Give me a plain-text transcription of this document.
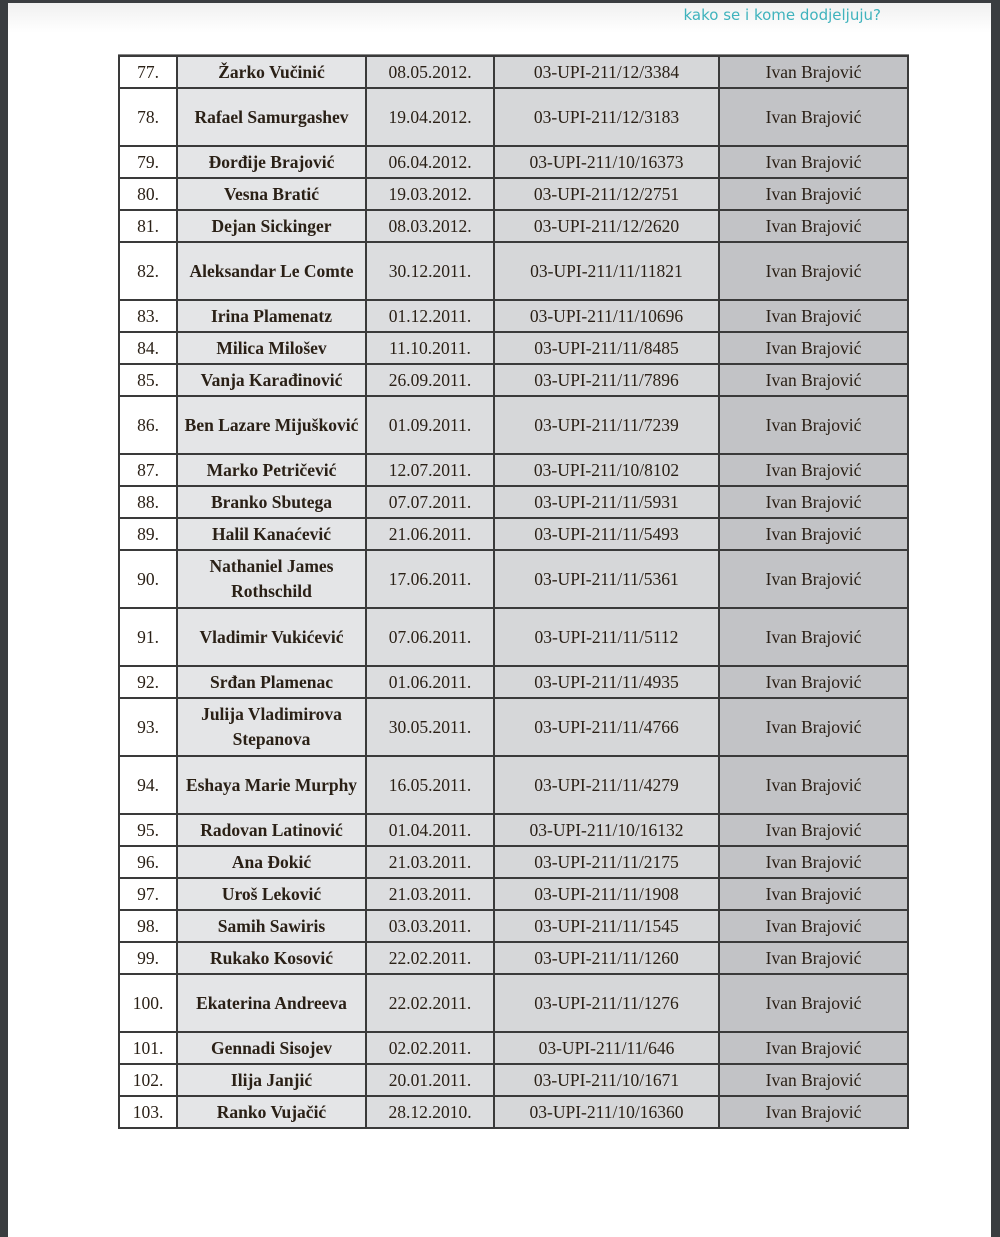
kako se i kome dodjeljuju?
77.	Žarko Vučinić	08.05.2012.	03-UPI-211/12/3384	Ivan Brajović
78.	Rafael Samurgashev	19.04.2012.	03-UPI-211/12/3183	Ivan Brajović
79.	Đorđije Brajović	06.04.2012.	03-UPI-211/10/16373	Ivan Brajović
80.	Vesna Bratić	19.03.2012.	03-UPI-211/12/2751	Ivan Brajović
81.	Dejan Sickinger	08.03.2012.	03-UPI-211/12/2620	Ivan Brajović
82.	Aleksandar Le Comte	30.12.2011.	03-UPI-211/11/11821	Ivan Brajović
83.	Irina Plamenatz	01.12.2011.	03-UPI-211/11/10696	Ivan Brajović
84.	Milica Milošev	11.10.2011.	03-UPI-211/11/8485	Ivan Brajović
85.	Vanja Karađinović	26.09.2011.	03-UPI-211/11/7896	Ivan Brajović
86.	Ben Lazare Mijušković	01.09.2011.	03-UPI-211/11/7239	Ivan Brajović
87.	Marko Petričević	12.07.2011.	03-UPI-211/10/8102	Ivan Brajović
88.	Branko Sbutega	07.07.2011.	03-UPI-211/11/5931	Ivan Brajović
89.	Halil Kanaćević	21.06.2011.	03-UPI-211/11/5493	Ivan Brajović
90.	Nathaniel James Rothschild	17.06.2011.	03-UPI-211/11/5361	Ivan Brajović
91.	Vladimir Vukićević	07.06.2011.	03-UPI-211/11/5112	Ivan Brajović
92.	Srđan Plamenac	01.06.2011.	03-UPI-211/11/4935	Ivan Brajović
93.	Julija Vladimirova Stepanova	30.05.2011.	03-UPI-211/11/4766	Ivan Brajović
94.	Eshaya Marie Murphy	16.05.2011.	03-UPI-211/11/4279	Ivan Brajović
95.	Radovan Latinović	01.04.2011.	03-UPI-211/10/16132	Ivan Brajović
96.	Ana Đokić	21.03.2011.	03-UPI-211/11/2175	Ivan Brajović
97.	Uroš Leković	21.03.2011.	03-UPI-211/11/1908	Ivan Brajović
98.	Samih Sawiris	03.03.2011.	03-UPI-211/11/1545	Ivan Brajović
99.	Rukako Kosović	22.02.2011.	03-UPI-211/11/1260	Ivan Brajović
100.	Ekaterina Andreeva	22.02.2011.	03-UPI-211/11/1276	Ivan Brajović
101.	Gennadi Sisojev	02.02.2011.	03-UPI-211/11/646	Ivan Brajović
102.	Ilija Janjić	20.01.2011.	03-UPI-211/10/1671	Ivan Brajović
103.	Ranko Vujačić	28.12.2010.	03-UPI-211/10/16360	Ivan Brajović
